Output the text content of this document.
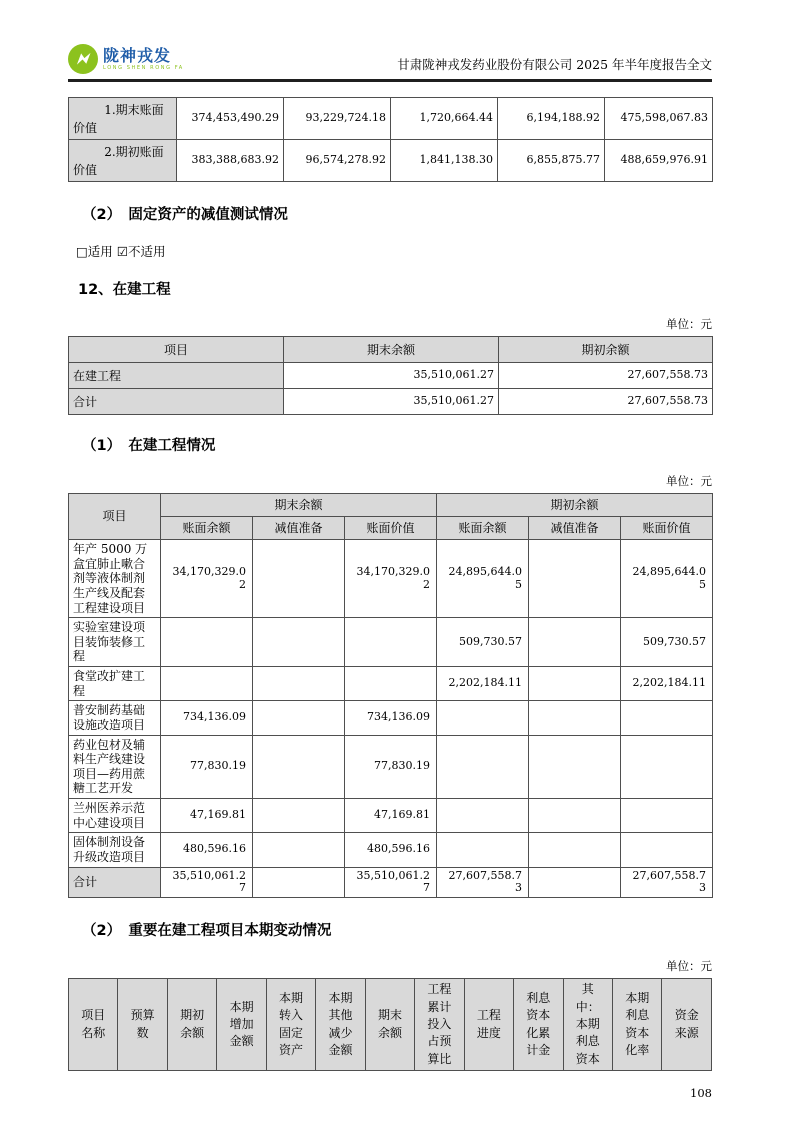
陇神戎发
LONG SHEN RONG FA	甘肃陇神戎发药业股份有限公司 2025 年半年度报告全文
1.期末账面价值	374,453,490.29	93,229,724.18	1,720,664.44	6,194,188.92	475,598,067.83
2.期初账面价值	383,388,683.92	96,574,278.92	1,841,138.30	6,855,875.77	488,659,976.91

（2）　固定资产的减值测试情况

□适用 ☑不适用

12、在建工程

单位：元

项目	期末余额	期初余额
在建工程	35,510,061.27	27,607,558.73
合计	35,510,061.27	27,607,558.73

（1）　在建工程情况

单位：元

项目	期末余额			期初余额		
	账面余额	减值准备	账面价值	账面余额	减值准备	账面价值
年产 5000 万盒宜肺止嗽合剂等液体制剂生产线及配套工程建设项目	34,170,329.02		34,170,329.02	24,895,644.05		24,895,644.05
实验室建设项目装饰装修工程				509,730.57		509,730.57
食堂改扩建工程				2,202,184.11		2,202,184.11
普安制药基础设施改造项目	734,136.09		734,136.09			
药业包材及辅料生产线建设项目—药用蔗糖工艺开发	77,830.19		77,830.19			
兰州医养示范中心建设项目	47,169.81		47,169.81			
固体制剂设备升级改造项目	480,596.16		480,596.16			
合计	35,510,061.27		35,510,061.27	27,607,558.73		27,607,558.73

（2）　重要在建工程项目本期变动情况

单位：元

项目名称	预算数	期初余额	本期增加金额	本期转入固定资产	本期其他减少金额	期末余额	工程累计投入占预算比	工程进度	利息资本化累计金	其中：本期利息资本	本期利息资本化率	资金来源
108
